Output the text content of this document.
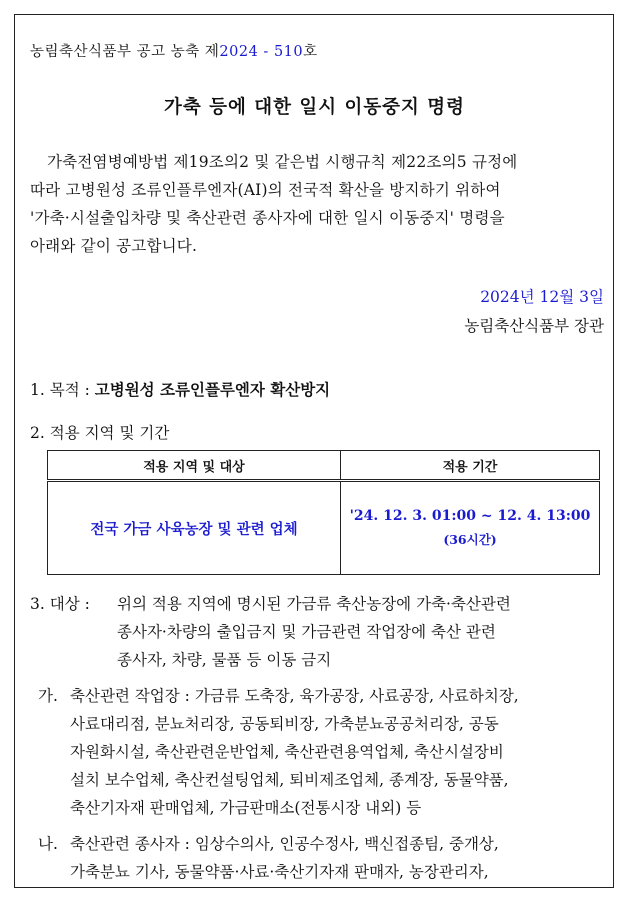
농림축산식품부 공고 농축 제2024 - 510호
가축 등에 대한 일시 이동중지 명령
가축전염병예방법 제19조의2 및 같은법 시행규칙 제22조의5 규정에
따라 고병원성 조류인플루엔자(AI)의 전국적 확산을 방지하기 위하여
'가축·시설출입차량 및 축산관련 종사자에 대한 일시 이동중지' 명령을
아래와 같이 공고합니다.
2024년 12월 3일
농림축산식품부 장관
1. 목적 : 고병원성 조류인플루엔자 확산방지
2. 적용 지역 및 기간
적용 지역 및 대상	적용 기간
전국 가금 사육농장 및 관련 업체	'24. 12. 3. 01:00 ~ 12. 4. 13:00
(36시간)
3. 대상 : 위의 적용 지역에 명시된 가금류 축산농장에 가축·축산관련
종사자·차량의 출입금지 및 가금관련 작업장에 축산 관련
종사자, 차량, 물품 등 이동 금지
가. 축산관련 작업장 : 가금류 도축장, 육가공장, 사료공장, 사료하치장,
사료대리점, 분뇨처리장, 공동퇴비장, 가축분뇨공공처리장, 공동
자원화시설, 축산관련운반업체, 축산관련용역업체, 축산시설장비
설치 보수업체, 축산컨설팅업체, 퇴비제조업체, 종계장, 동물약품,
축산기자재 판매업체, 가금판매소(전통시장 내외) 등
나. 축산관련 종사자 : 임상수의사, 인공수정사, 백신접종팀, 중개상,
가축분뇨 기사, 동물약품·사료·축산기자재 판매자, 농장관리자,
